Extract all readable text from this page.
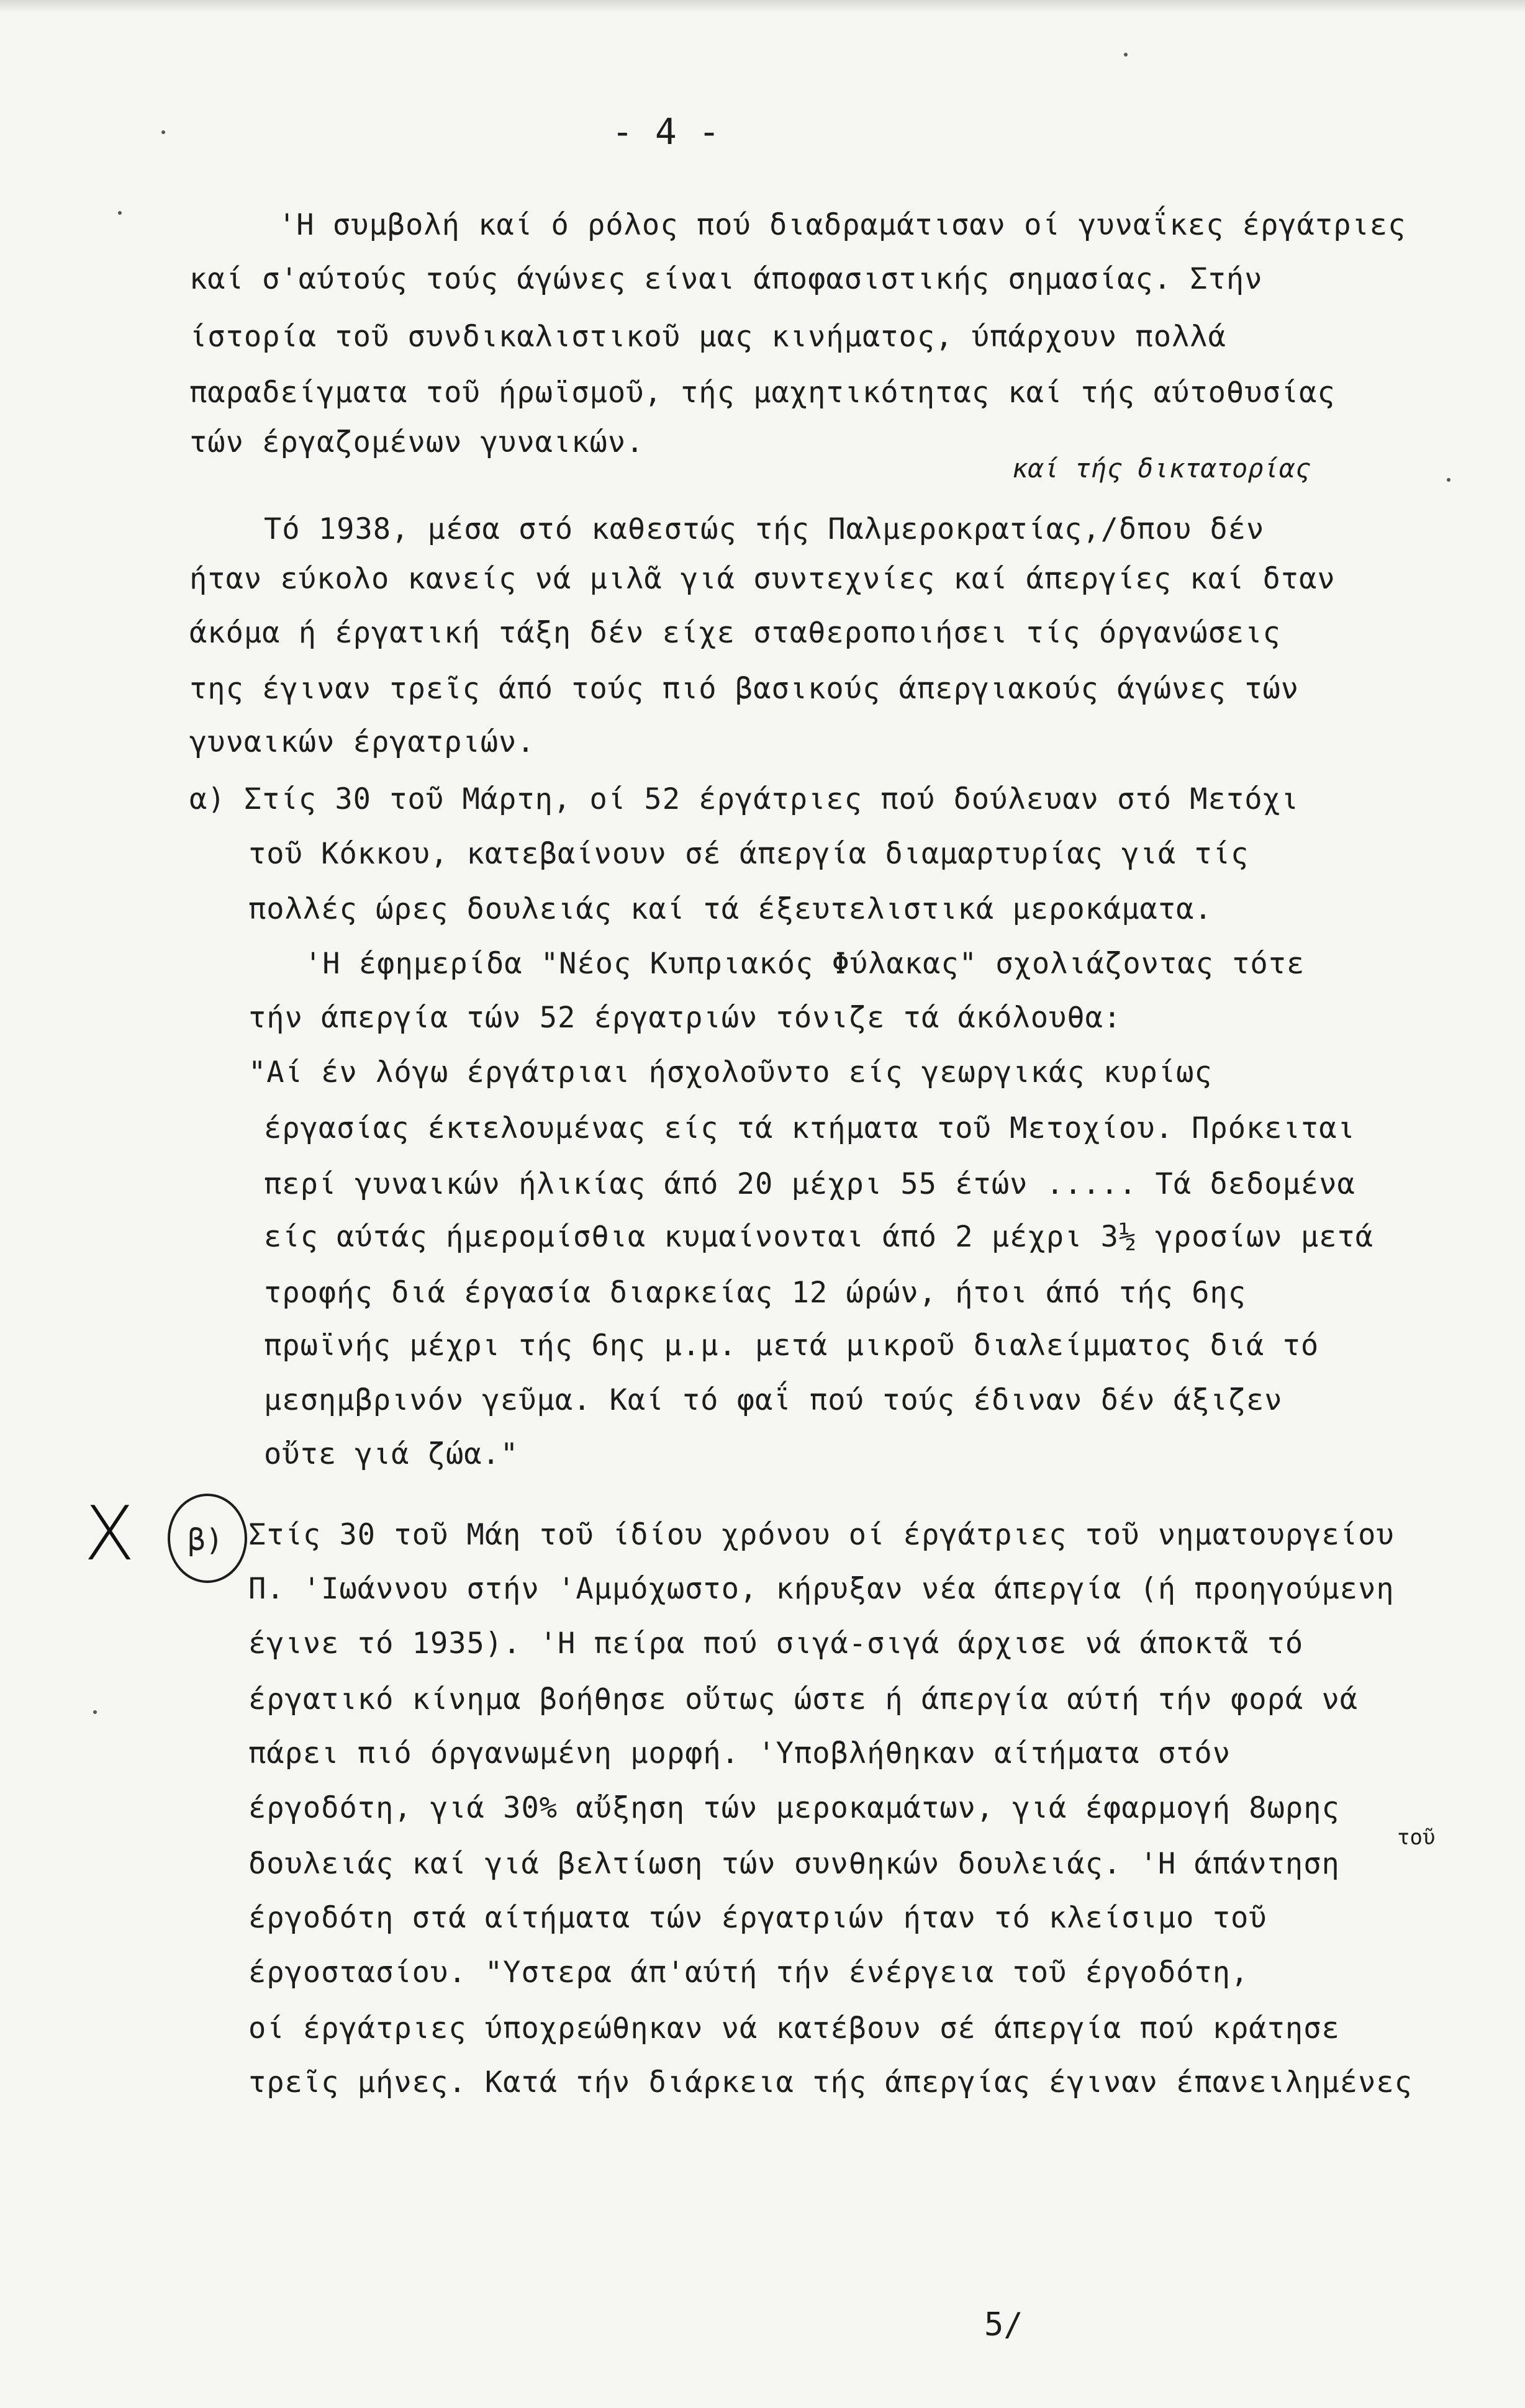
- 4 -
'Η συμβολή καί ό ρόλος πού διαδραμάτισαν οί γυναΐκες έργάτριες
καί σ'αύτούς τούς άγώνες είναι άποφασιστικής σημασίας. Στήν
ίστορία τοῦ συνδικαλιστικοῦ μας κινήματος, ύπάρχουν πολλά
παραδείγματα τοῦ ήρωϊσμοῦ, τής μαχητικότητας καί τής αύτοθυσίας
τών έργαζομένων γυναικών.
καί τής δικτατορίας
Τό 1938, μέσα στό καθεστώς τής Παλμεροκρατίας,/δπου δέν
ήταν εύκολο κανείς νά μιλᾶ γιά συντεχνίες καί άπεργίες καί δταν
άκόμα ή έργατική τάξη δέν είχε σταθεροποιήσει τίς όργανώσεις
της έγιναν τρεῖς άπό τούς πιό βασικούς άπεργιακούς άγώνες τών
γυναικών έργατριών.
α) Στίς 30 τοῦ Μάρτη, οί 52 έργάτριες πού δούλευαν στό Μετόχι
τοῦ Κόκκου, κατεβαίνουν σέ άπεργία διαμαρτυρίας γιά τίς
πολλές ώρες δουλειάς καί τά έξευτελιστικά μεροκάματα.
'Η έφημερίδα "Νέος Κυπριακός Φύλακας" σχολιάζοντας τότε
τήν άπεργία τών 52 έργατριών τόνιζε τά άκόλουθα:
"Αί έν λόγω έργάτριαι ήσχολοῦντο είς γεωργικάς κυρίως
έργασίας έκτελουμένας είς τά κτήματα τοῦ Μετοχίου. Πρόκειται
περί γυναικών ήλικίας άπό 20 μέχρι 55 έτών ..... Τά δεδομένα
είς αύτάς ήμερομίσθια κυμαίνονται άπό 2 μέχρι 3½ γροσίων μετά
τροφής διά έργασία διαρκείας 12 ώρών, ήτοι άπό τής 6ης
πρωϊνής μέχρι τής 6ης μ.μ. μετά μικροῦ διαλείμματος διά τό
μεσημβρινόν γεῦμα. Καί τό φαΐ πού τούς έδιναν δέν άξιζεν
οὔτε γιά ζώα."
X β) Στίς 30 τοῦ Μάη τοῦ ίδίου χρόνου οί έργάτριες τοῦ νηματουργείου
Π. 'Ιωάννου στήν 'Αμμόχωστο, κήρυξαν νέα άπεργία (ή προηγούμενη
έγινε τό 1935). 'Η πείρα πού σιγά-σιγά άρχισε νά άποκτᾶ τό
έργατικό κίνημα βοήθησε οὕτως ώστε ή άπεργία αύτή τήν φορά νά
πάρει πιό όργανωμένη μορφή. 'Υποβλήθηκαν αίτήματα στόν
έργοδότη, γιά 30% αὔξηση τών μεροκαμάτων, γιά έφαρμογή 8ωρης
δουλειάς καί γιά βελτίωση τών συνθηκών δουλειάς. 'Η άπάντηση
τοῦ
έργοδότη στά αίτήματα τών έργατριών ήταν τό κλείσιμο τοῦ
έργοστασίου. "Υστερα άπ'αύτή τήν ένέργεια τοῦ έργοδότη,
οί έργάτριες ύποχρεώθηκαν νά κατέβουν σέ άπεργία πού κράτησε
τρεῖς μήνες. Κατά τήν διάρκεια τής άπεργίας έγιναν έπανειλημένες
5/
